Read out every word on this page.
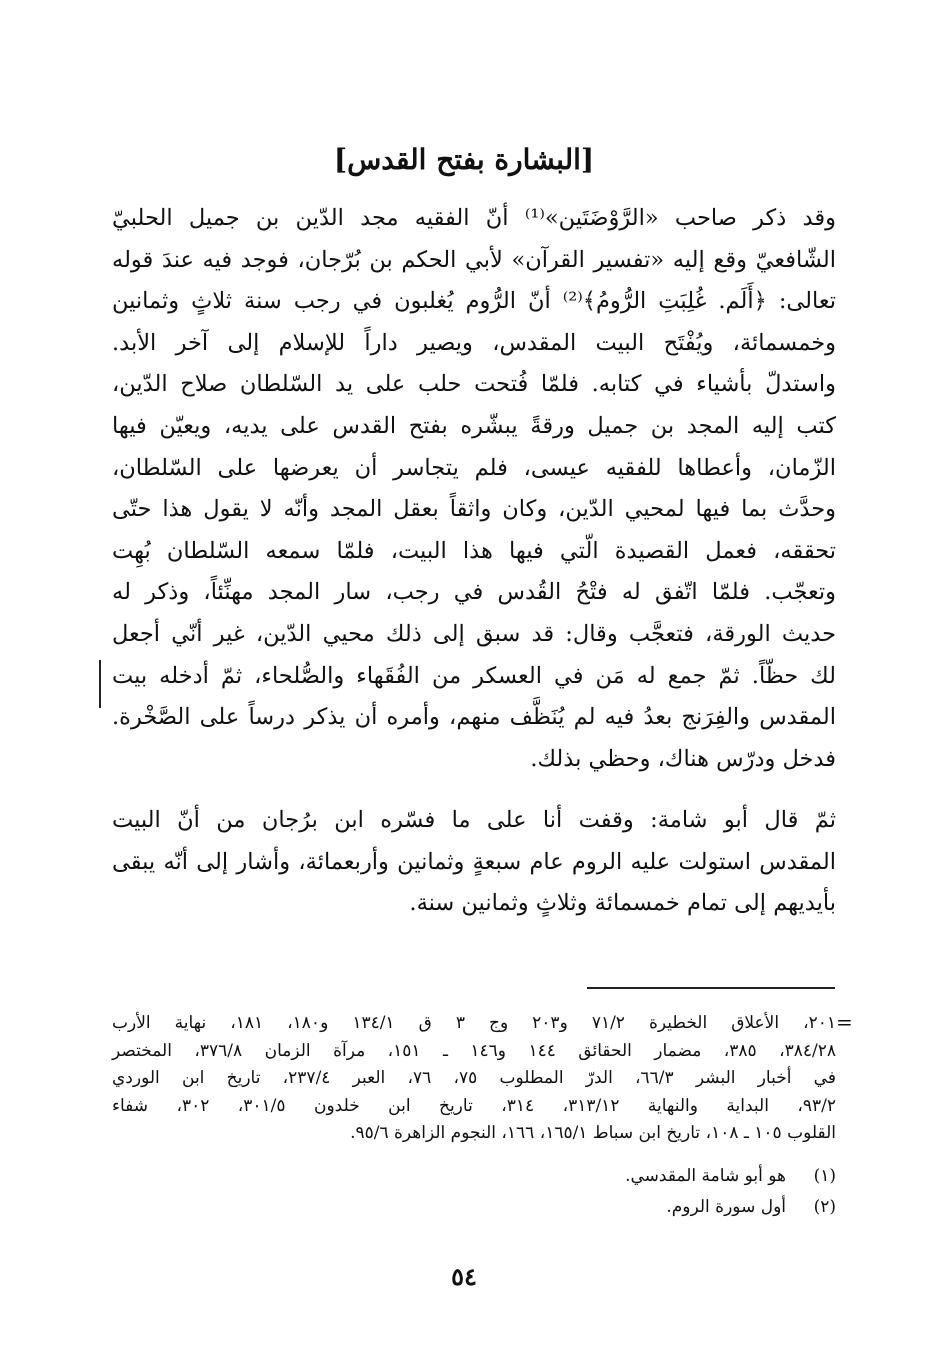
[البشارة بفتح القدس]
وقد ذكر صاحب «الرَّوْضَتَين»⁽¹⁾ أنّ الفقيه مجد الدّين بن جميل الحلبيّ
الشّافعيّ وقع إليه «تفسير القرآن» لأبي الحكم بن بُرّجان، فوجد فيه عندَ قوله
تعالى: ﴿أَلَم. غُلِبَتِ الرُّومُ﴾⁽²⁾ أنّ الرُّوم يُغلبون في رجب سنة ثلاثٍ وثمانين
وخمسمائة، ويُفْتَح البيت المقدس، ويصير داراً للإسلام إلى آخر الأبد.
واستدلّ بأشياء في كتابه. فلمّا فُتحت حلب على يد السّلطان صلاح الدّين،
كتب إليه المجد بن جميل ورقةً يبشّره بفتح القدس على يديه، ويعيّن فيها
الزّمان، وأعطاها للفقيه عيسى، فلم يتجاسر أن يعرضها على السّلطان،
وحدَّث بما فيها لمحيي الدّين، وكان واثقاً بعقل المجد وأنّه لا يقول هذا حتّى
تحققه، فعمل القصيدة الّتي فيها هذا البيت، فلمّا سمعه السّلطان بُهِت
وتعجّب. فلمّا اتّفق له فتْحُ القُدس في رجب، سار المجد مهنِّئاً، وذكر له
حديث الورقة، فتعجَّب وقال: قد سبق إلى ذلك محيي الدّين، غير أنّي أجعل
لك حظّاً. ثمّ جمع له مَن في العسكر من الفُقَهاء والصُّلحاء، ثمّ أدخله بيت
المقدس والفِرَنج بعدُ فيه لم يُنَظَّف منهم، وأمره أن يذكر درساً على الصَّخْرة.
فدخل ودرّس هناك، وحظي بذلك.
ثمّ قال أبو شامة: وقفت أنا على ما فسّره ابن برُجان من أنّ البيت
المقدس استولت عليه الروم عام سبعةٍ وثمانين وأربعمائة، وأشار إلى أنّه يبقى
بأيديهم إلى تمام خمسمائة وثلاثٍ وثمانين سنة.
=
٢٠١، الأعلاق الخطيرة ٧١/٢ و٢٠٣ وج ٣ ق ١٣٤/١ و١٨٠، ١٨١، نهاية الأرب
٣٨٤/٢٨، ٣٨٥، مضمار الحقائق ١٤٤ و١٤٦ ـ ١٥١، مرآة الزمان ٣٧٦/٨، المختصر
في أخبار البشر ٦٦/٣، الدرّ المطلوب ٧٥، ٧٦، العبر ٢٣٧/٤، تاريخ ابن الوردي
٩٣/٢، البداية والنهاية ٣١٣/١٢، ٣١٤، تاريخ ابن خلدون ٣٠١/٥، ٣٠٢، شفاء
القلوب ١٠٥ ـ ١٠٨، تاريخ ابن سباط ١٦٥/١، ١٦٦، النجوم الزاهرة ٩٥/٦.
(١)هو أبو شامة المقدسي.
(٢)أول سورة الروم.
٥٤
